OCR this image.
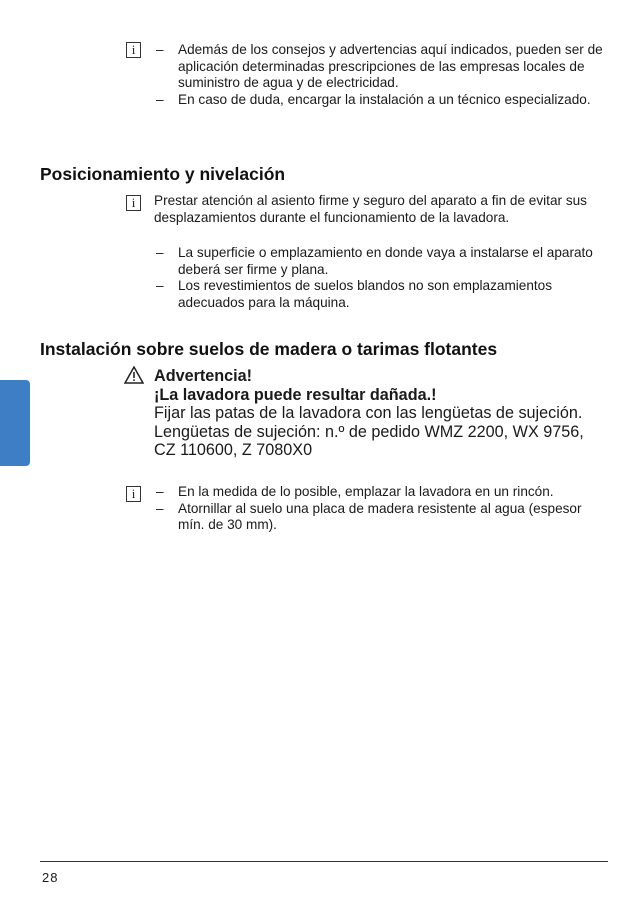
i	– Además de los consejos y advertencias aquí indicados, pueden ser de aplicación determinadas prescripciones de las empresas locales de suministro de agua y de electricidad.
– En caso de duda, encargar la instalación a un técnico especializado.
Posicionamiento y nivelación
i	Prestar atención al asiento firme y seguro del aparato a fin de evitar sus desplazamientos durante el funcionamiento de la lavadora.
– La superficie o emplazamiento en donde vaya a instalarse el aparato deberá ser firme y plana.
– Los revestimientos de suelos blandos no son emplazamientos adecuados para la máquina.
Instalación sobre suelos de madera o tarimas flotantes
Advertencia!
¡La lavadora puede resultar dañada.!
Fijar las patas de la lavadora con las lengüetas de sujeción.
Lengüetas de sujeción: n.º de pedido WMZ 2200, WX 9756, CZ 110600, Z 7080X0
i	– En la medida de lo posible, emplazar la lavadora en un rincón.
– Atornillar al suelo una placa de madera resistente al agua (espesor mín. de 30 mm).
28
